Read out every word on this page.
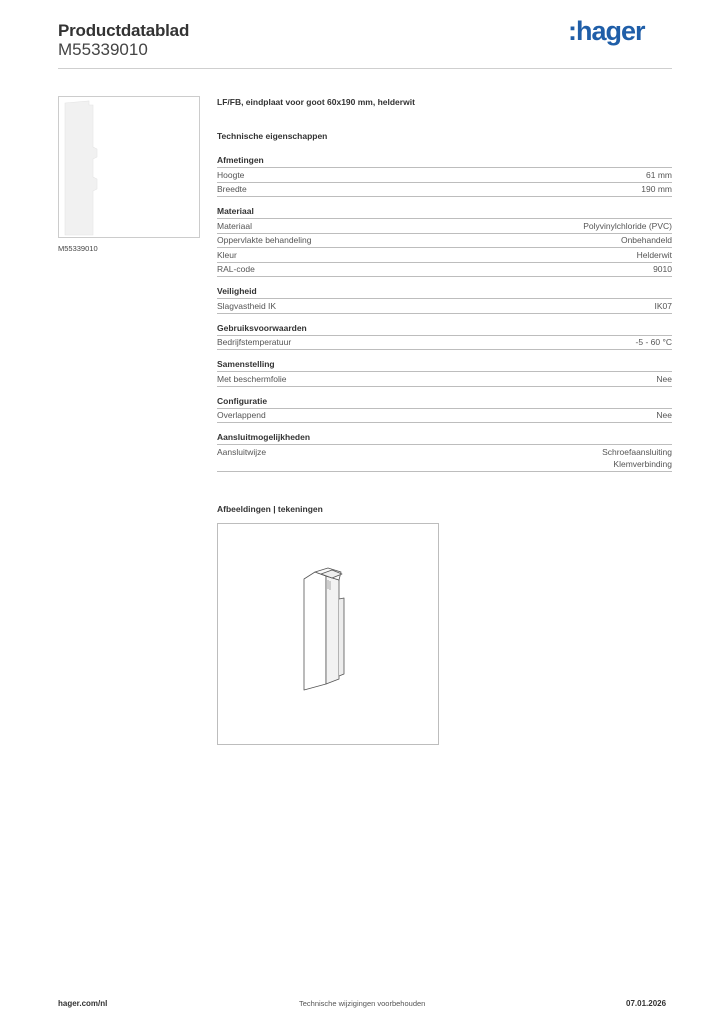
Productdatablad
M55339010
:hager
M55339010
LF/FB, eindplaat voor goot 60x190 mm, helderwit
Technische eigenschappen
Afmetingen
Hoogte	61 mm
Breedte	190 mm
Materiaal
Materiaal	Polyvinylchloride (PVC)
Oppervlakte behandeling	Onbehandeld
Kleur	Helderwit
RAL-code	9010
Veiligheid
Slagvastheid IK	IK07
Gebruiksvoorwaarden
Bedrijfstemperatuur	-5 - 60 °C
Samenstelling
Met beschermfolie	Nee
Configuratie
Overlappend	Nee
Aansluitmogelijkheden
Aansluitwijze	Schroefaansluiting
Klemverbinding
Afbeeldingen | tekeningen
hager.com/nl	Technische wijzigingen voorbehouden	07.01.2026
